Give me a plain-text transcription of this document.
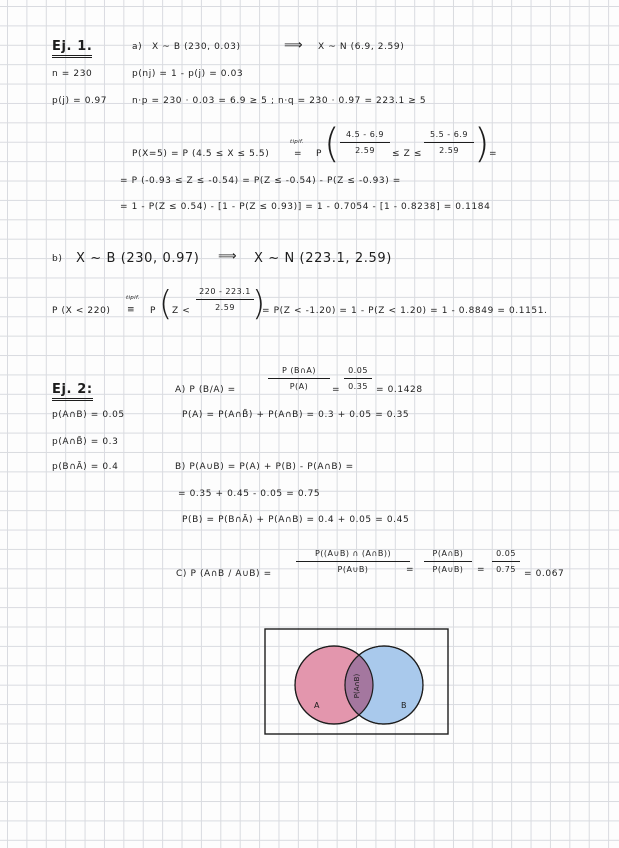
Ej. 1.	a) X ~ B (230, 0.03)	⟹ X ~ N (6.9, 2.59)
n = 230	p(nj) = 1 - p(j) = 0.03
p(j) = 0.97	n·p = 230 · 0.03 = 6.9 ≥ 5 ; n·q = 230 · 0.97 = 223.1 ≥ 5
P(X=5) = P (4.5 ≤ X ≤ 5.5)
tipif.
= P ( $\frac{4.5 - 6.9}{2.59} \le Z \le \frac{5.5 - 6.9}{2.59}$ ) =
= P (-0.93 ≤ Z ≤ -0.54) = P(Z ≤ -0.54) - P(Z ≤ -0.93) =
= 1 - P(Z ≤ 0.54) - [1 - P(Z ≤ 0.93)] = 1 - 0.7054 - [1 - 0.8238] = 0.1184
b) X ~ B (230, 0.97) ⟹ X ~ N (223.1, 2.59)
P (X < 220)
tipif.
≡ P ( $Z < \frac{220 - 223.1}{2.59}$
)
= P(Z < -1.20) = 1 - P(Z < 1.20) = 1 - 0.8849 = 0.1151.
Ej. 2:
p(A∩B) = 0.05
p(A∩B̄) = 0.3
p(B∩Ā) = 0.4
A) P (B/A) =	$\frac{P (B\cap A)}{P(A)} = \frac{0.05}{0.35} = 0.1428$
P(A) = P(A∩B̄) + P(A∩B) = 0.3 + 0.05 = 0.35
B) P(A∪B) = P(A) + P(B) - P(A∩B) =
= 0.35 + 0.45 - 0.05 = 0.75
P(B) = P(B∩Ā) + P(A∩B) = 0.4 + 0.05 = 0.45
C) P (A∩B / A∪B) =	$\frac{P((A\cup B) \cap (A\cap B))}{P(A\cup B)}$
= $\frac{P(A\cap B)}{P(A\cup B)} = \frac{0.05}{0.75} = 0.067$
A	B
P(A∩B)
